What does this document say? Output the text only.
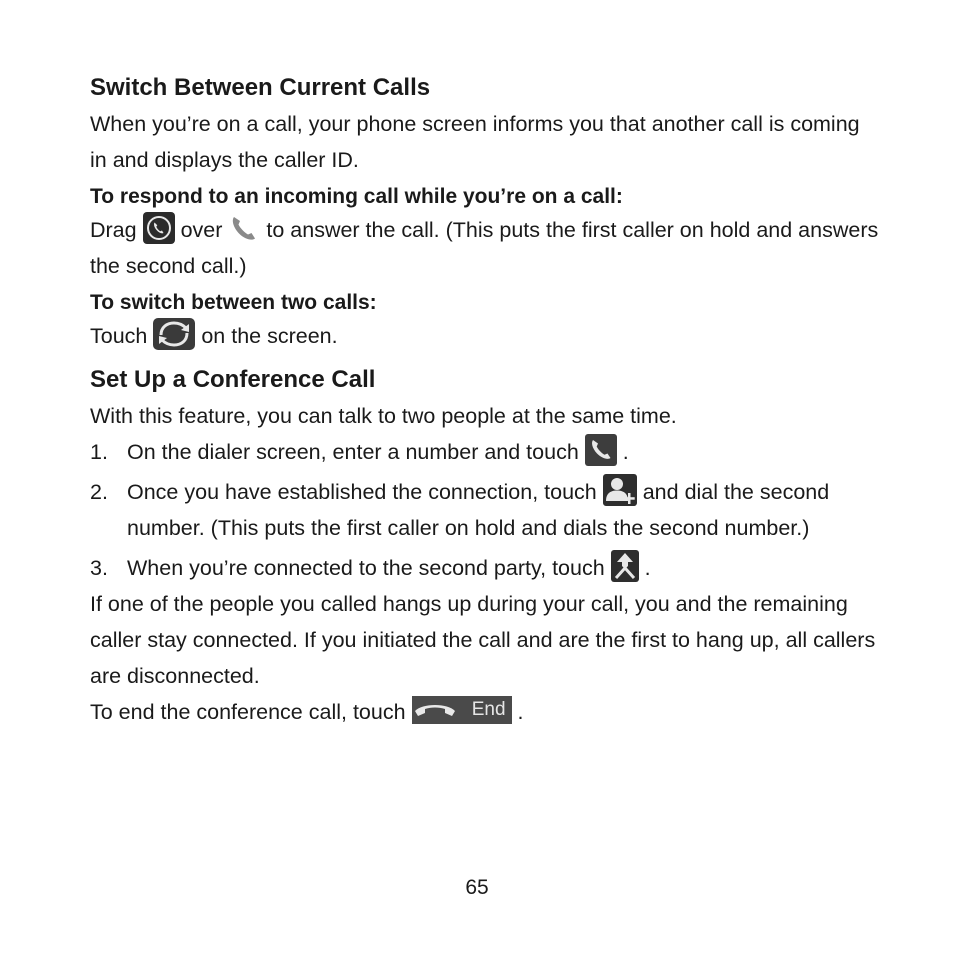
Switch Between Current Calls

When you’re on a call, your phone screen informs you that another call is coming in and displays the caller ID.

To respond to an incoming call while you’re on a call:

Drag over to answer the call. (This puts the first caller on hold and answers the second call.)

To switch between two calls:

Touch	on the screen.

Set Up a Conference Call

With this feature, you can talk to two people at the same time.

1. On the dialer screen, enter a number and touch .
2. Once you have established the connection, touch and dial the second number. (This puts the first caller on hold and dials the second number.)
3. When you’re connected to the second party, touch .

If one of the people you called hangs up during your call, you and the remaining caller stay connected. If you initiated the call and are the first to hang up, all callers are disconnected.

To end the conference call, touch	End .

65
